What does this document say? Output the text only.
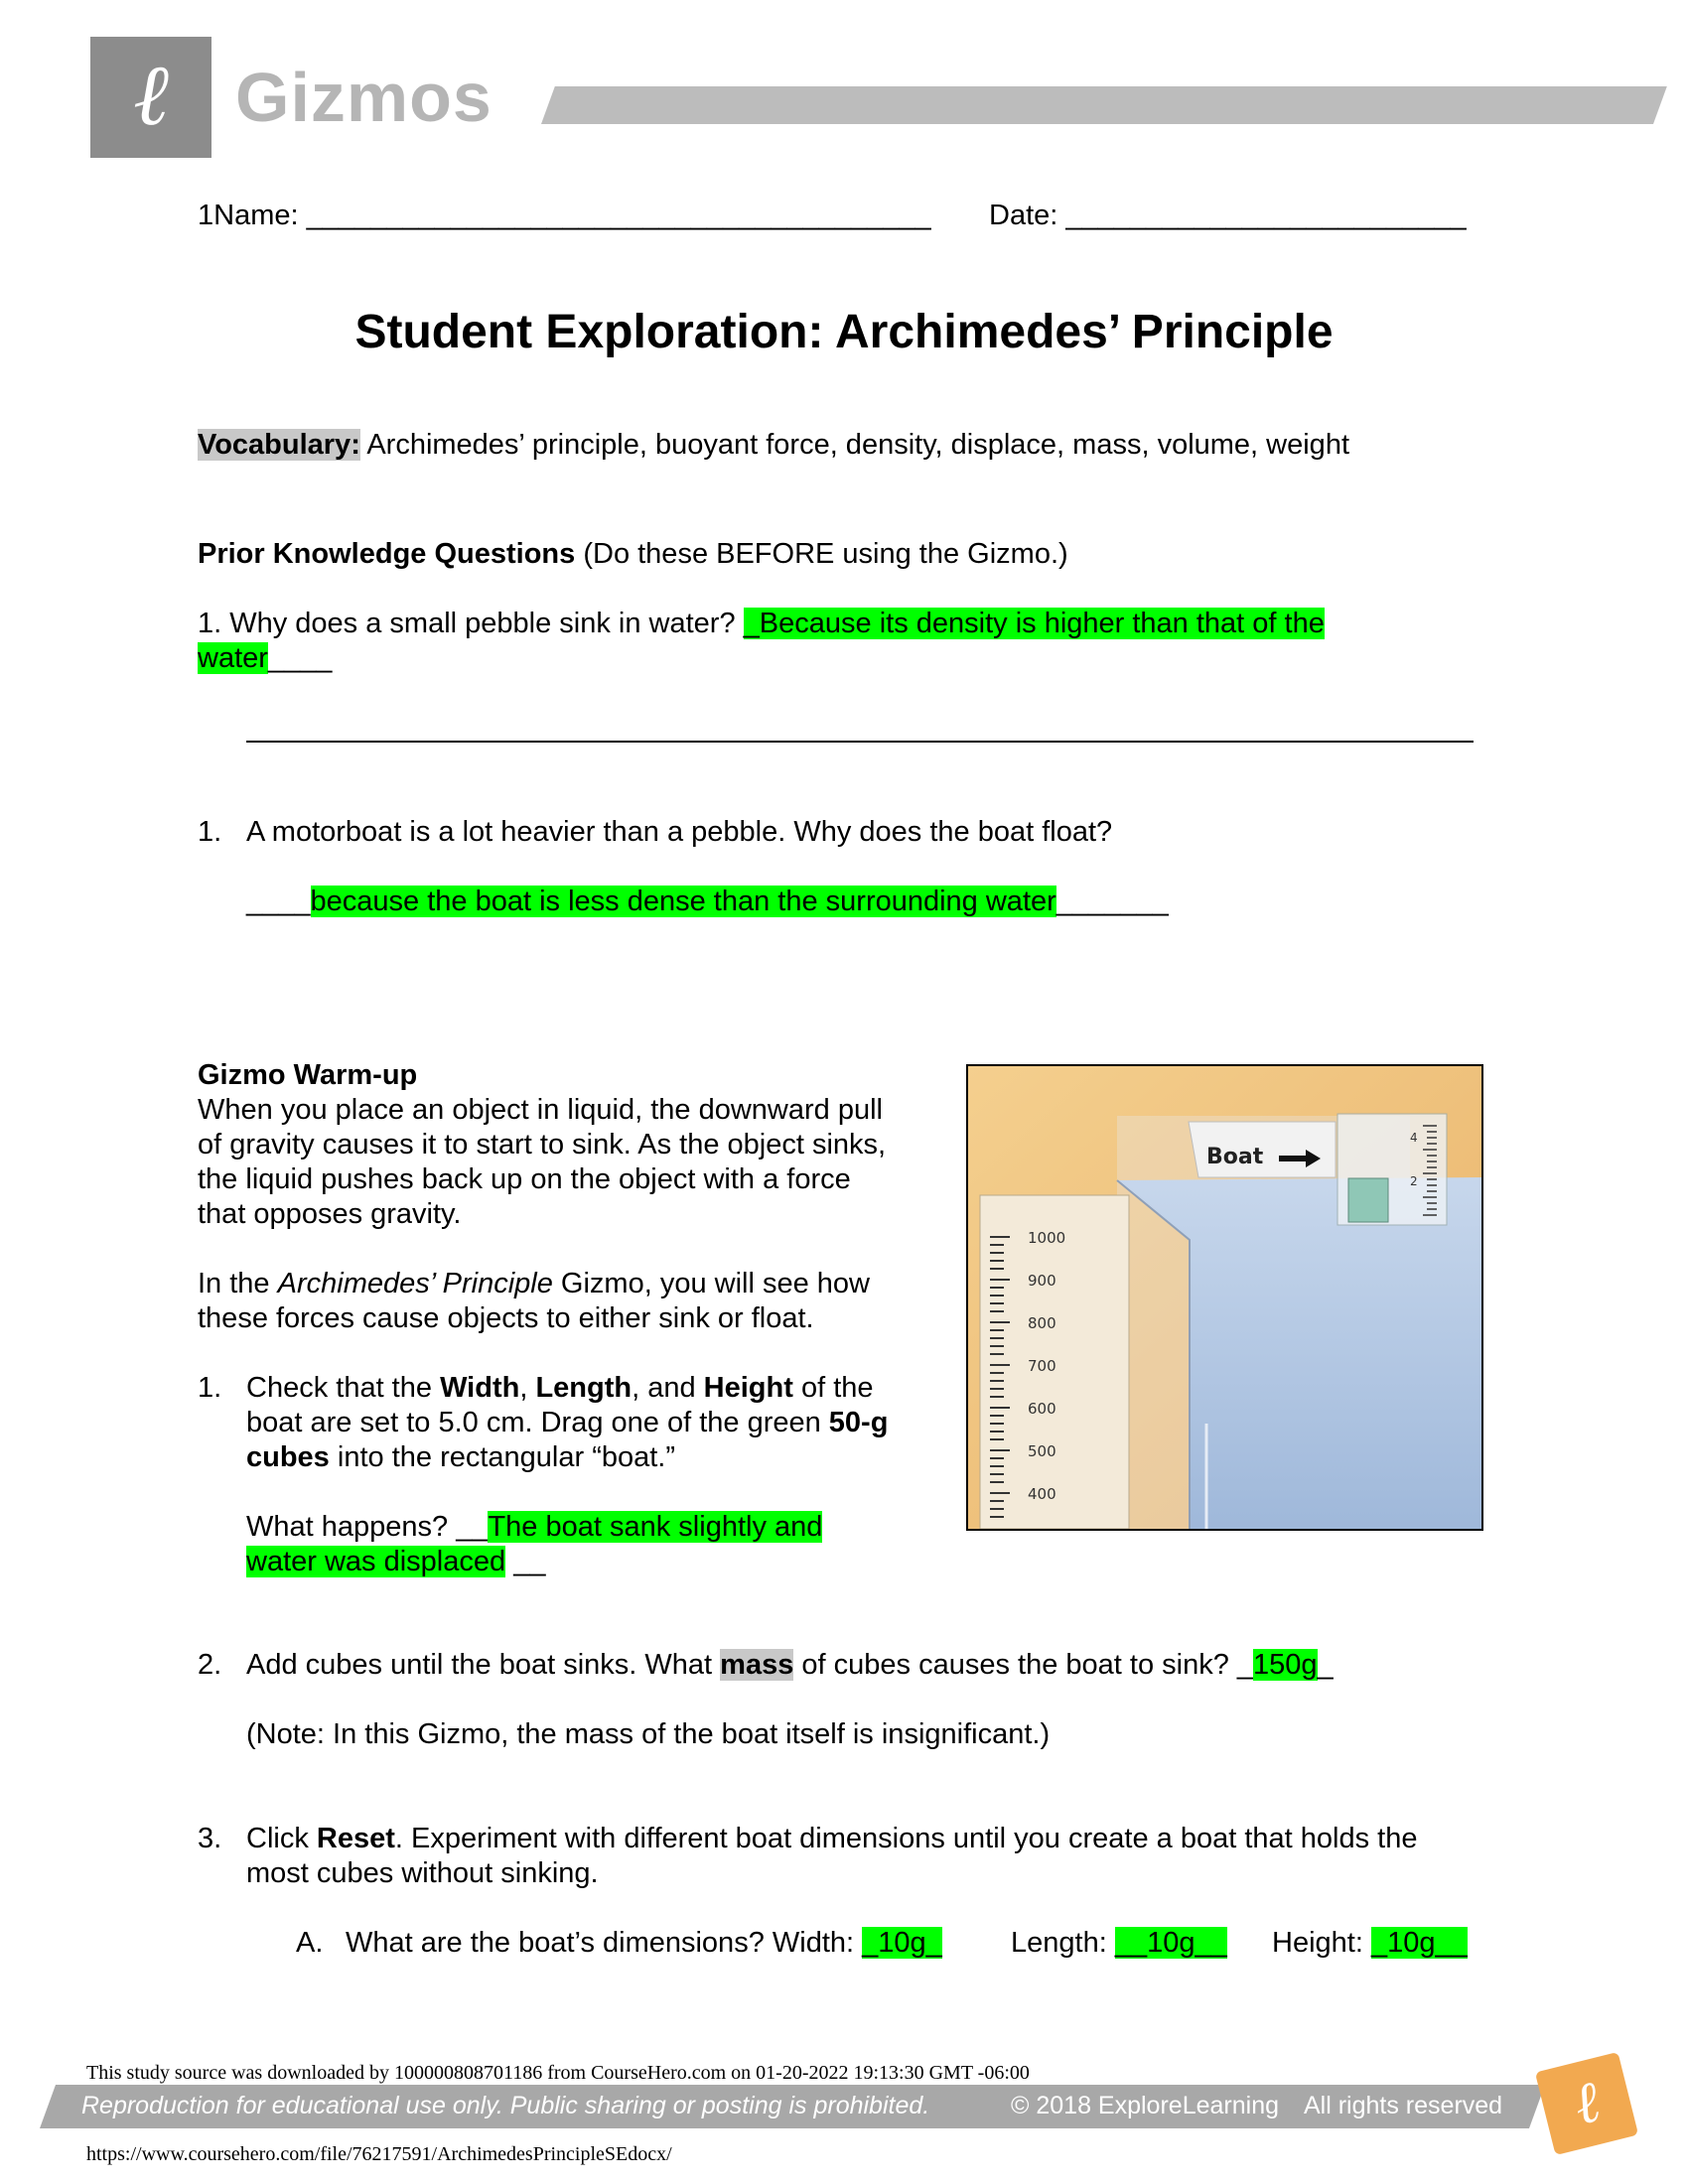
ℓ Gizmos
1Name: _______________________________________ Date: _________________________
Student Exploration: Archimedes’ Principle
Vocabulary: Archimedes’ principle, buoyant force, density, displace, mass, volume, weight
Prior Knowledge Questions (Do these BEFORE using the Gizmo.)
1. Why does a small pebble sink in water? _Because its density is higher than that of the
water____
1. A motorboat is a lot heavier than a pebble. Why does the boat float?
____because the boat is less dense than the surrounding water_______
Gizmo Warm-up
When you place an object in liquid, the downward pull
of gravity causes it to start to sink. As the object sinks,
the liquid pushes back up on the object with a force
that opposes gravity.
In the Archimedes’ Principle Gizmo, you will see how
these forces cause objects to either sink or float.
1. Check that the Width, Length, and Height of the
boat are set to 5.0 cm. Drag one of the green 50-g
cubes into the rectangular “boat.”
What happens? __The boat sank slightly and
water was displaced __
Boat
4
2
1000
900
800
700
600
500
400
2. Add cubes until the boat sinks. What mass of cubes causes the boat to sink? _150g_
(Note: In this Gizmo, the mass of the boat itself is insignificant.)
3. Click Reset. Experiment with different boat dimensions until you create a boat that holds the
most cubes without sinking.
A. What are the boat’s dimensions? Width: _10g_ Length: __10g__ Height: _10g__
This study source was downloaded by 100000808701186 from CourseHero.com on 01-20-2022 19:13:30 GMT -06:00
Reproduction for educational use only. Public sharing or posting is prohibited.	© 2018 ExploreLearning All rights reserved	ℓ
https://www.coursehero.com/file/76217591/ArchimedesPrincipleSEdocx/
